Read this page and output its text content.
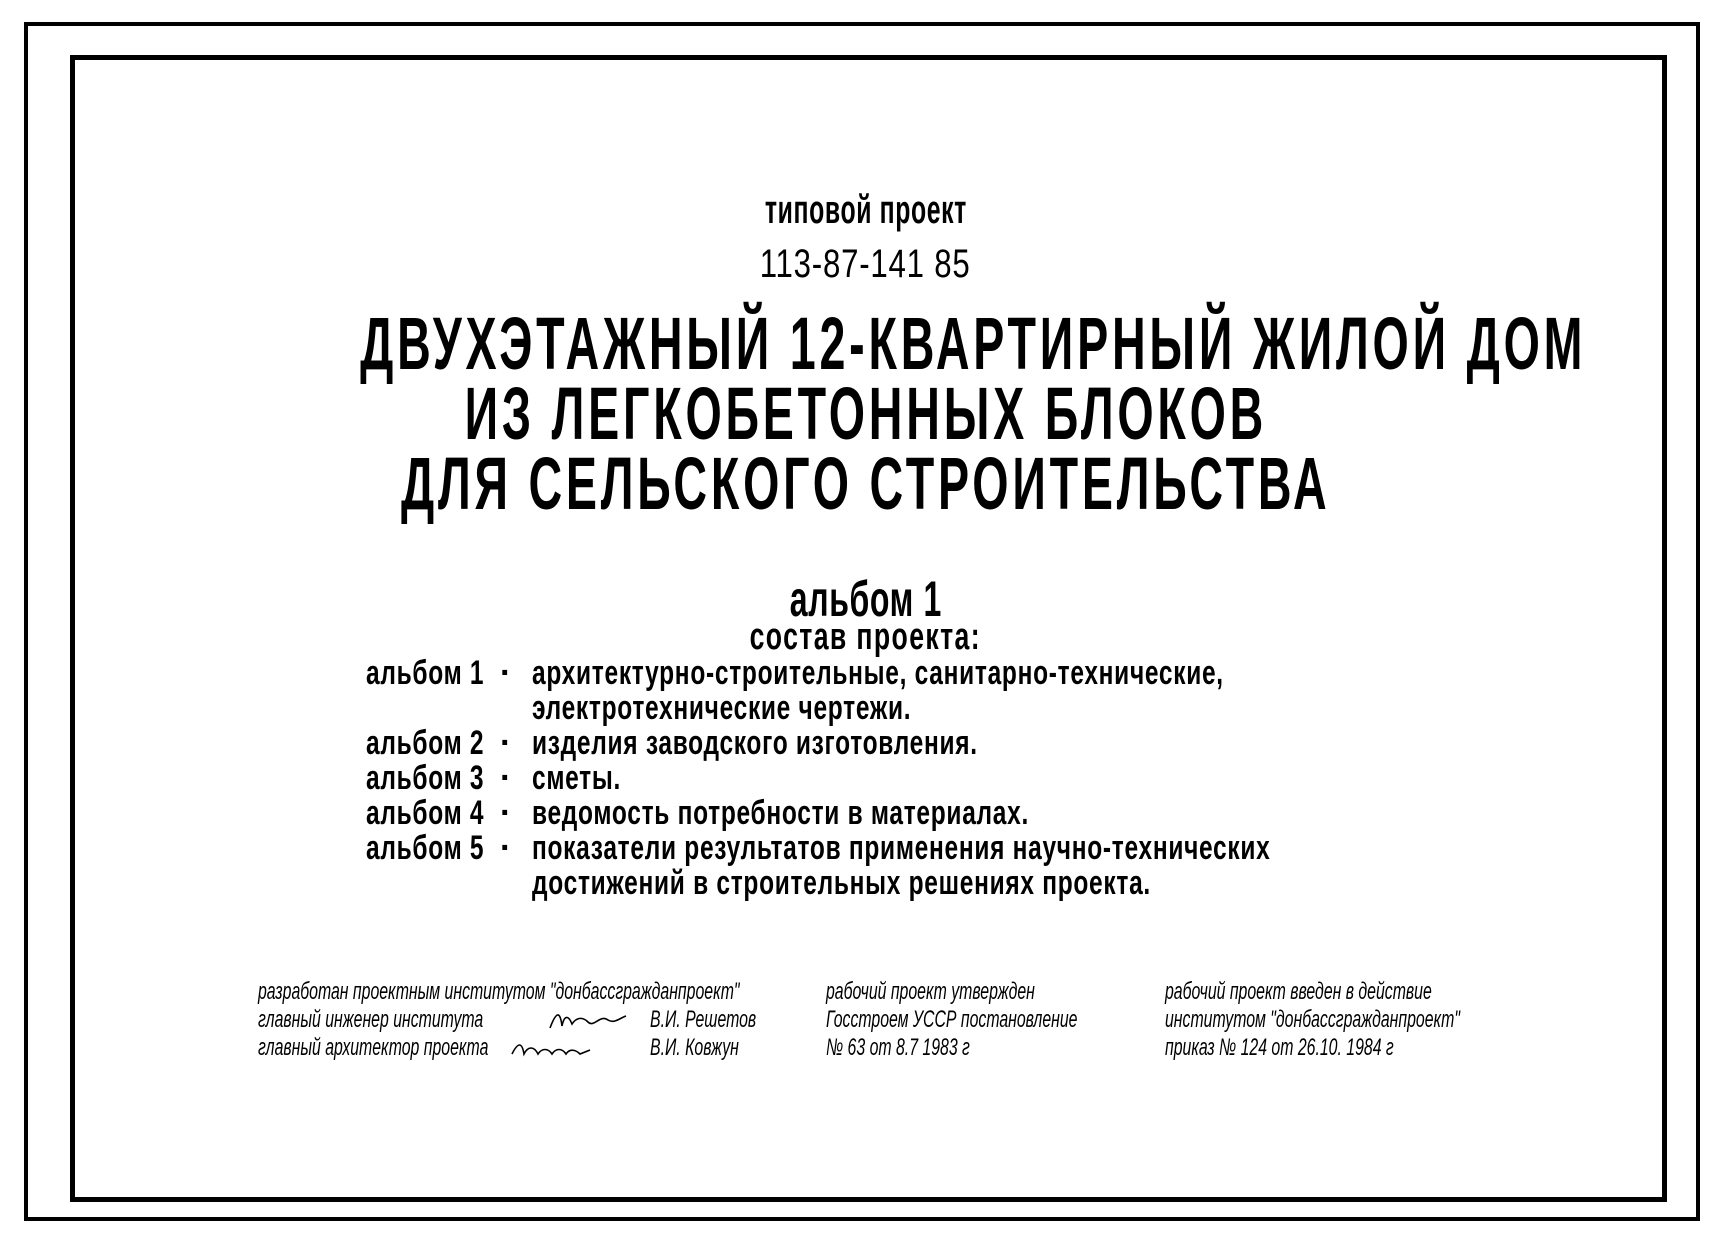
типовой проект
113-87-141 85
ДВУХЭТАЖНЫЙ 12-КВАРТИРНЫЙ ЖИЛОЙ ДОМ
ИЗ ЛЕГКОБЕТОННЫХ БЛОКОВ
ДЛЯ СЕЛЬСКОГО СТРОИТЕЛЬСТВА
альбом 1
состав проекта:
альбом 1 · архитектурно-строительные, санитарно-технические,
электротехнические чертежи.
альбом 2 · изделия заводского изготовления.
альбом 3 · сметы.
альбом 4 · ведомость потребности в материалах.
альбом 5 · показатели результатов применения научно-технических
достижений в строительных решениях проекта.
разработан проектным институтом "донбассгражданпроект"
главный инженер института	В.И. Решетов
главный архитектор проекта	В.И. Ковжун
рабочий проект утвержден
Госстроем УССР постановление
№ 63 от 8.7 1983 г
рабочий проект введен в действие
институтом "донбассгражданпроект"
приказ № 124 от 26.10. 1984 г
